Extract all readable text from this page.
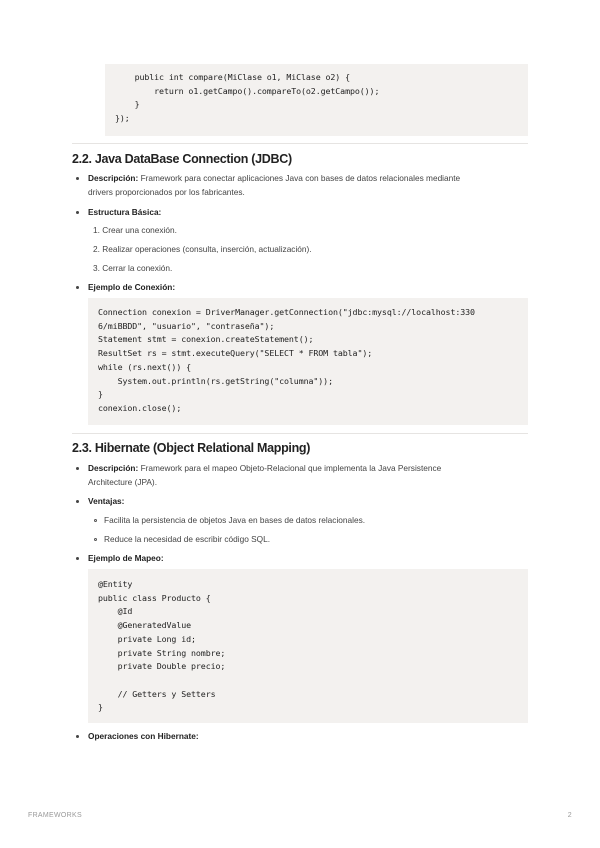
public int compare(MiClase o1, MiClase o2) {
return o1.getCampo().compareTo(o2.getCampo());
}
});
2.2. Java DataBase Connection (JDBC)
Descripción: Framework para conectar aplicaciones Java con bases de datos relacionales mediante
drivers proporcionados por los fabricantes.
Estructura Básica:
1. Crear una conexión.
2. Realizar operaciones (consulta, inserción, actualización).
3. Cerrar la conexión.
Ejemplo de Conexión:
Connection conexion = DriverManager.getConnection("jdbc:mysql://localhost:330
6/miBBDD", "usuario", "contraseña");
Statement stmt = conexion.createStatement();
ResultSet rs = stmt.executeQuery("SELECT * FROM tabla");
while (rs.next()) {
System.out.println(rs.getString("columna"));
}
conexion.close();
2.3. Hibernate (Object Relational Mapping)
Descripción: Framework para el mapeo Objeto-Relacional que implementa la Java Persistence
Architecture (JPA).
Ventajas:
Facilita la persistencia de objetos Java en bases de datos relacionales.
Reduce la necesidad de escribir código SQL.
Ejemplo de Mapeo:
@Entity
public class Producto {
@Id
@GeneratedValue
private Long id;
private String nombre;
private Double precio;

// Getters y Setters
}
Operaciones con Hibernate:
FRAMEWORKS	2
